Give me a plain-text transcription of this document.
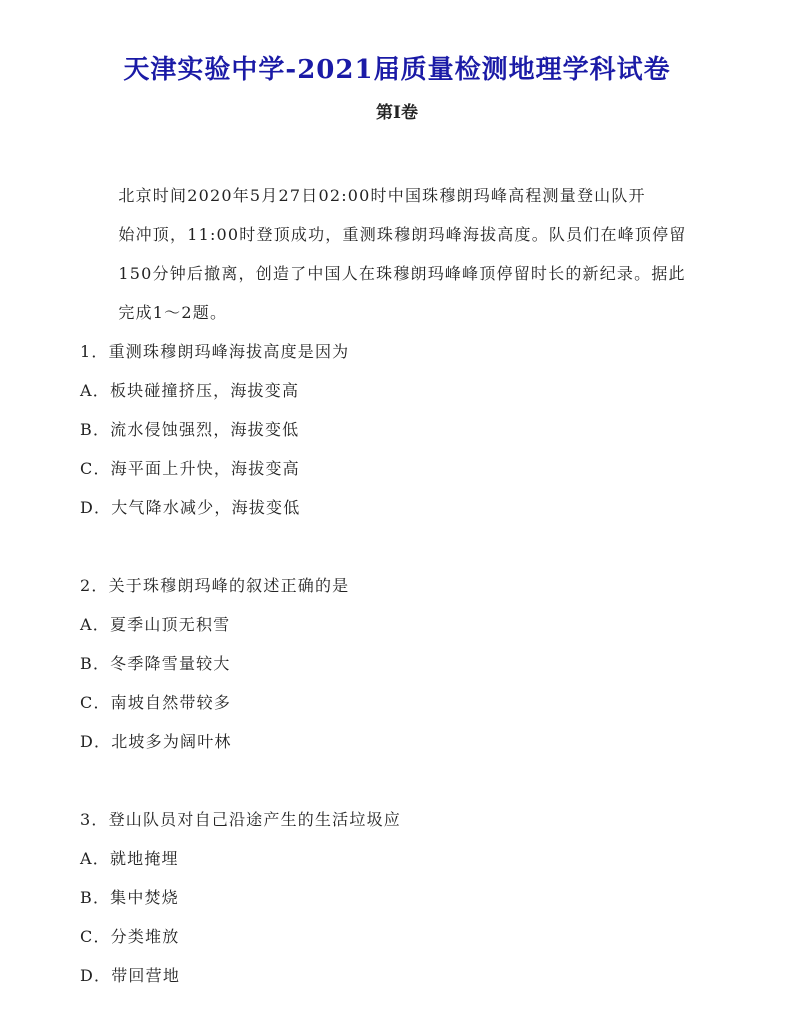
天津实验中学-2021届质量检测地理学科试卷
第Ⅰ卷
北京时间2020年5月27日02:00时中国珠穆朗玛峰高程测量登山队开
始冲顶，11:00时登顶成功，重测珠穆朗玛峰海拔高度。队员们在峰顶停留
150分钟后撤离，创造了中国人在珠穆朗玛峰峰顶停留时长的新纪录。据此
完成1～2题。
1．重测珠穆朗玛峰海拔高度是因为
A．板块碰撞挤压，海拔变高
B．流水侵蚀强烈，海拔变低
C．海平面上升快，海拔变高
D．大气降水减少，海拔变低
2．关于珠穆朗玛峰的叙述正确的是
A．夏季山顶无积雪
B．冬季降雪量较大
C．南坡自然带较多
D．北坡多为阔叶林
3．登山队员对自己沿途产生的生活垃圾应
A．就地掩埋
B．集中焚烧
C．分类堆放
D．带回营地
